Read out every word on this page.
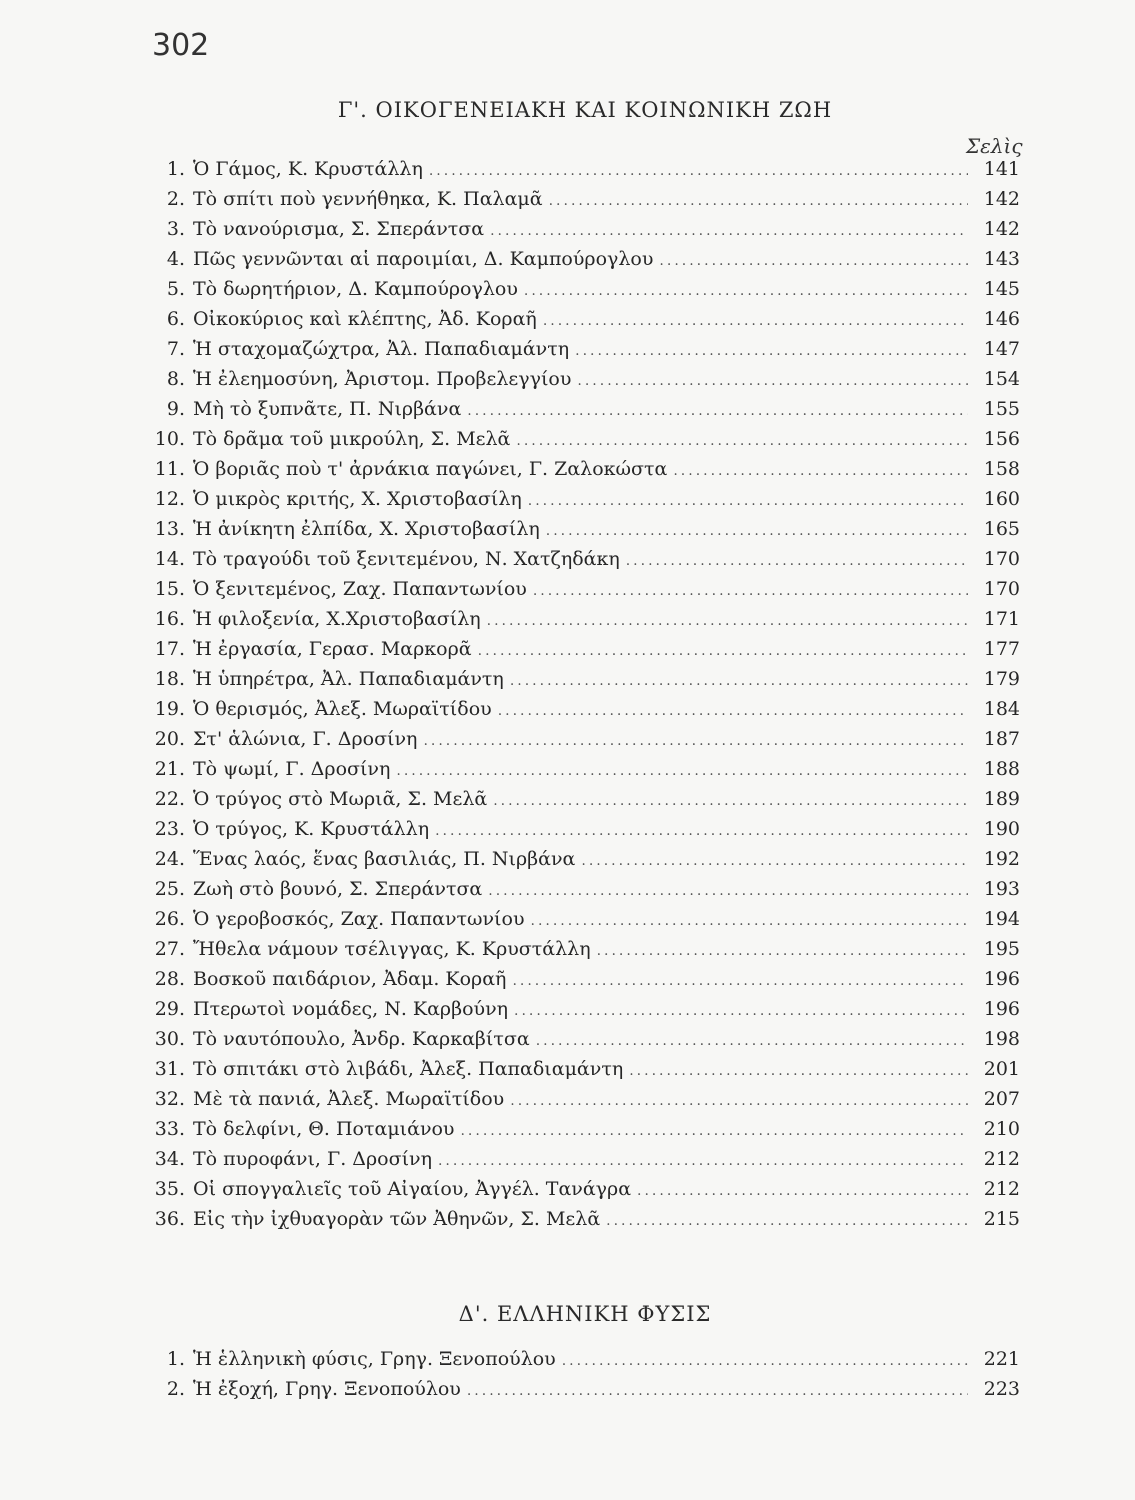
302
Γ'. ΟΙΚΟΓΕΝΕΙΑΚΗ ΚΑΙ ΚΟΙΝΩΝΙΚΗ ΖΩΗ
Σελὶς
1. Ὁ Γάμος, Κ. Κρυστάλλη .....	141
2. Τὸ σπίτι ποὺ γεννήθηκα, Κ. Παλαμᾶ .....	142
3. Τὸ νανούρισμα, Σ. Σπεράντσα .....	142
4. Πῶς γεννῶνται αἱ παροιμίαι, Δ. Καμπούρογλου .....	143
5. Τὸ δωρητήριον, Δ. Καμπούρογλου .....	145
6. Οἰκοκύριος καὶ κλέπτης, Ἀδ. Κοραῆ .....	146
7. Ἡ σταχομαζώχτρα, Ἀλ. Παπαδιαμάντη .....	147
8. Ἡ ἐλεημοσύνη, Ἀριστομ. Προβελεγγίου .....	154
9. Μὴ τὸ ξυπνᾶτε, Π. Νιρβάνα .....	155
10. Τὸ δρᾶμα τοῦ μικρούλη, Σ. Μελᾶ .....	156
11. Ὁ βοριᾶς ποὺ τ' ἀρνάκια παγώνει, Γ. Ζαλοκώστα .....	158
12. Ὁ μικρὸς κριτής, Χ. Χριστοβασίλη .....	160
13. Ἡ ἀνίκητη ἐλπίδα, Χ. Χριστοβασίλη .....	165
14. Τὸ τραγούδι τοῦ ξενιτεμένου, Ν. Χατζηδάκη .....	170
15. Ὁ ξενιτεμένος, Ζαχ. Παπαντωνίου .....	170
16. Ἡ φιλοξενία, Χ.Χριστοβασίλη .....	171
17. Ἡ ἐργασία, Γερασ. Μαρκορᾶ .....	177
18. Ἡ ὑπηρέτρα, Ἀλ. Παπαδιαμάντη .....	179
19. Ὁ θερισμός, Ἀλεξ. Μωραϊτίδου .....	184
20. Στ' ἁλώνια, Γ. Δροσίνη .....	187
21. Τὸ ψωμί, Γ. Δροσίνη .....	188
22. Ὁ τρύγος στὸ Μωριᾶ, Σ. Μελᾶ .....	189
23. Ὁ τρύγος, Κ. Κρυστάλλη .....	190
24. Ἕνας λαός, ἕνας βασιλιάς, Π. Νιρβάνα .....	192
25. Ζωὴ στὸ βουνό, Σ. Σπεράντσα .....	193
26. Ὁ γεροβοσκός, Ζαχ. Παπαντωνίου .....	194
27. Ἤθελα νάμουν τσέλιγγας, Κ. Κρυστάλλη .....	195
28. Βοσκοῦ παιδάριον, Ἀδαμ. Κοραῆ .....	196
29. Πτερωτοὶ νομάδες, Ν. Καρβούνη .....	196
30. Τὸ ναυτόπουλο, Ἀνδρ. Καρκαβίτσα .....	198
31. Τὸ σπιτάκι στὸ λιβάδι, Ἀλεξ. Παπαδιαμάντη .....	201
32. Μὲ τὰ πανιά, Ἀλεξ. Μωραϊτίδου .....	207
33. Τὸ δελφίνι, Θ. Ποταμιάνου .....	210
34. Τὸ πυροφάνι, Γ. Δροσίνη .....	212
35. Οἱ σπογγαλιεῖς τοῦ Αἰγαίου, Ἀγγέλ. Τανάγρα .....	212
36. Εἰς τὴν ἰχθυαγορὰν τῶν Ἀθηνῶν, Σ. Μελᾶ .....	215
Δ'. ΕΛΛΗΝΙΚΗ ΦΥΣΙΣ
1. Ἡ ἑλληνικὴ φύσις, Γρηγ. Ξενοπούλου .....	221
2. Ἡ ἐξοχή, Γρηγ. Ξενοπούλου .....	223
